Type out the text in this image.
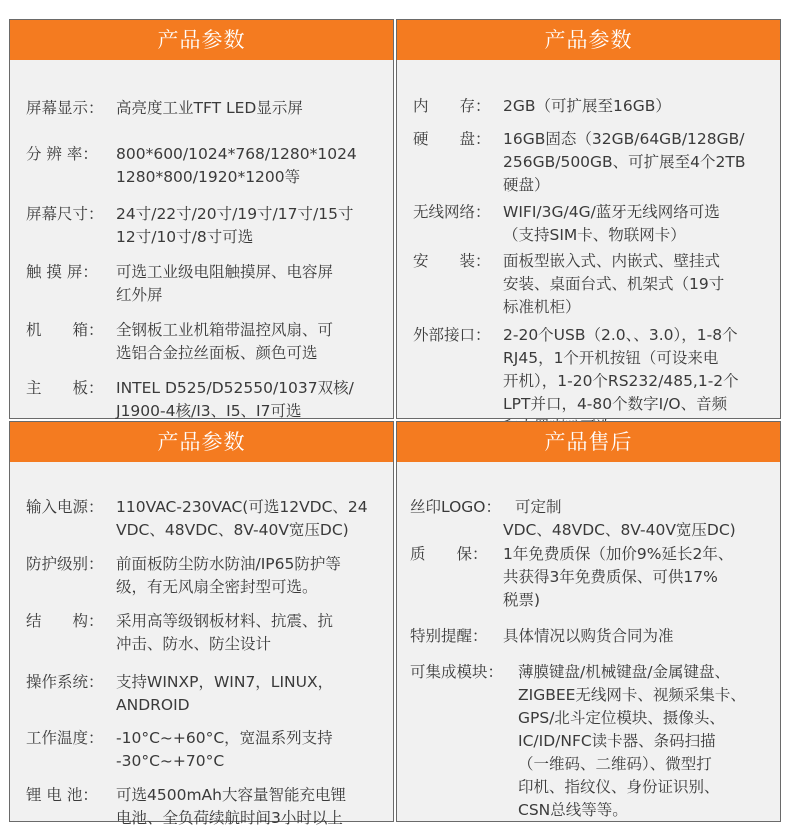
产品参数
屏幕显示： 高亮度工业TFT LED显示屏
分 辨 率： 800*600/1024*768/1280*1024
1280*800/1920*1200等
屏幕尺寸： 24寸/22寸/20寸/19寸/17寸/15寸
12寸/10寸/8寸可选
触 摸 屏： 可选工业级电阻触摸屏、电容屏
红外屏
机　　箱： 全钢板工业机箱带温控风扇、可
选铝合金拉丝面板、颜色可选
主　　板： INTEL D525/D52550/1037双核/
J1900-4核/I3、I5、I7可选
产品参数
内　　存： 2GB（可扩展至16GB）
硬　　盘： 16GB固态（32GB/64GB/128GB/
256GB/500GB、可扩展至4个2TB
硬盘）
无线网络： WIFI/3G/4G/蓝牙无线网络可选
（支持SIM卡、物联网卡）
安　　装： 面板型嵌入式、内嵌式、壁挂式
安装、桌面台式、机架式（19寸
标准机柜）
外部接口： 2-20个USB（2.0、、3.0），1-8个
RJ45，1个开机按钮（可设来电
开机），1-20个RS232/485,1-2个
LPT并口，4-80个数字I/O、音频
产品参数
输入电源： 110VAC-230VAC(可选12VDC、24
VDC、48VDC、8V-40V宽压DC)
防护级别： 前面板防尘防水防油/IP65防护等
级，有无风扇全密封型可选。
结　　构： 采用高等级钢板材料、抗震、抗
冲击、防水、防尘设计
操作系统： 支持WINXP，WIN7，LINUX，
ANDROID
工作温度： -10°C~+60°C，宽温系列支持
-30°C~+70°C
锂 电 池： 可选4500mAh大容量智能充电锂
电池、全负荷续航时间3小时以上
产品售后
丝印LOGO： 可定制
VDC、48VDC、8V-40V宽压DC)
质　　保： 1年免费质保（加价9%延长2年、
共获得3年免费质保、可供17%
税票)
特别提醒： 具体情况以购货合同为准
可集成模块： 薄膜键盘/机械键盘/金属键盘、
ZIGBEE无线网卡、视频采集卡、
GPS/北斗定位模块、摄像头、
IC/ID/NFC读卡器、条码扫描
（一维码、二维码）、微型打
印机、指纹仪、身份证识别、
CSN总线等等。
